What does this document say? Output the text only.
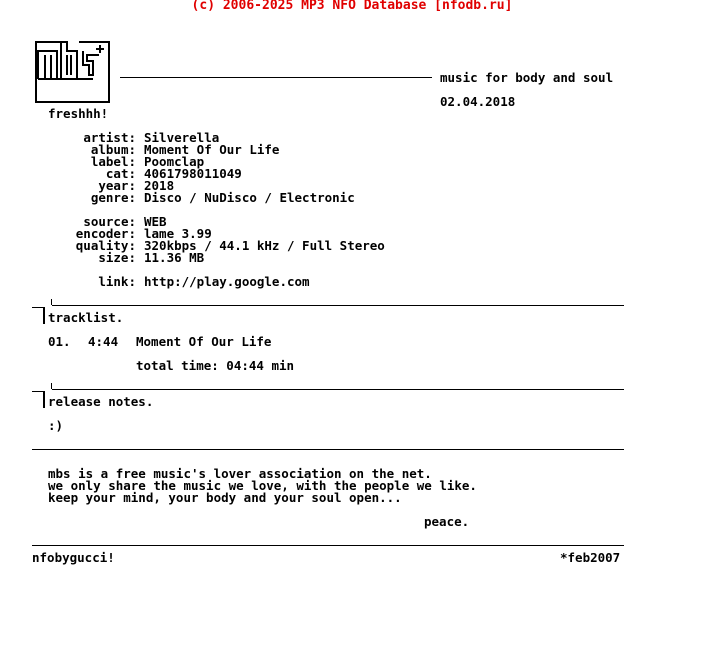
(c) 2006-2025 MP3 NFO Database [nfodb.ru]
music for body and soul
02.04.2018
freshhh!
artist: Silverella
album: Moment Of Our Life
label: Poomclap
cat: 4061798011049
year: 2018
genre: Disco / NuDisco / Electronic
source: WEB
encoder: lame 3.99
quality: 320kbps / 44.1 kHz / Full Stereo
size: 11.36 MB
link: http://play.google.com
tracklist.
01. 4:44 Moment Of Our Life
total time: 04:44 min
release notes.
:)
mbs is a free music's lover association on the net.
we only share the music we love, with the people we like.
keep your mind, your body and your soul open...
peace.
nfobygucci!	*feb2007
